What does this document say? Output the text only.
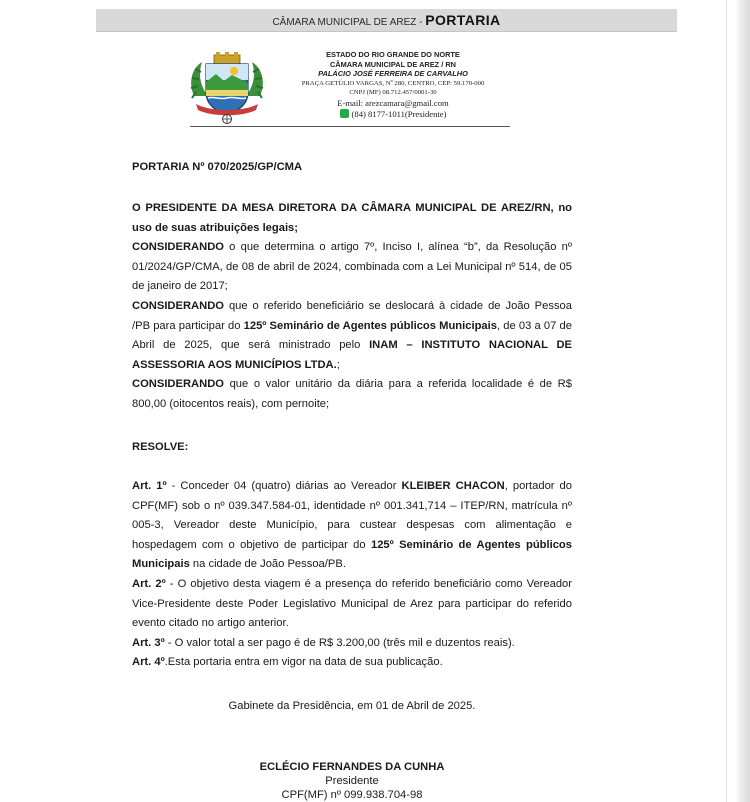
CÂMARA MUNICIPAL DE AREZ - PORTARIA
ESTADO DO RIO GRANDE DO NORTE
CÂMARA MUNICIPAL DE AREZ / RN
PALÁCIO JOSÉ FERREIRA DE CARVALHO
PRAÇA GETÚLIO VARGAS, Nº 280, CENTRO, CEP: 59.170-000
CNPJ (MF) 08.712.457/0001-30
E-mail: arezcamara@gmail.com
(84) 8177-1011(Presidente)
PORTARIA Nº 070/2025/GP/CMA

O PRESIDENTE DA MESA DIRETORA DA CÂMARA MUNICIPAL DE AREZ/RN, no uso de suas atribuições legais;

CONSIDERANDO o que determina o artigo 7º, Inciso I, alínea “b”, da Resolução nº 01/2024/GP/CMA, de 08 de abril de 2024, combinada com a Lei Municipal nº 514, de 05 de janeiro de 2017;

CONSIDERANDO que o referido beneficiário se deslocará à cidade de João Pessoa /PB para participar do 125º Seminário de Agentes públicos Municipais, de 03 a 07 de Abril de 2025, que será ministrado pelo INAM – INSTITUTO NACIONAL DE ASSESSORIA AOS MUNICÍPIOS LTDA.;

CONSIDERANDO que o valor unitário da diária para a referida localidade é de R$ 800,00 (oitocentos reais), com pernoite;

RESOLVE:

Art. 1º - Conceder 04 (quatro) diárias ao Vereador KLEIBER CHACON, portador do CPF(MF) sob o nº 039.347.584-01, identidade nº 001.341,714 – ITEP/RN, matrícula nº 005-3, Vereador deste Município, para custear despesas com alimentação e hospedagem com o objetivo de participar do 125º Seminário de Agentes públicos Municipais na cidade de João Pessoa/PB.

Art. 2º - O objetivo desta viagem é a presença do referido beneficiário como Vereador Vice-Presidente deste Poder Legislativo Municipal de Arez para participar do referido evento citado no artigo anterior.

Art. 3º - O valor total a ser pago é de R$ 3.200,00 (três mil e duzentos reais).

Art. 4º.Esta portaria entra em vigor na data de sua publicação.

Gabinete da Presidência, em 01 de Abril de 2025.
ECLÉCIO FERNANDES DA CUNHA
Presidente
CPF(MF) nº 099.938.704-98
